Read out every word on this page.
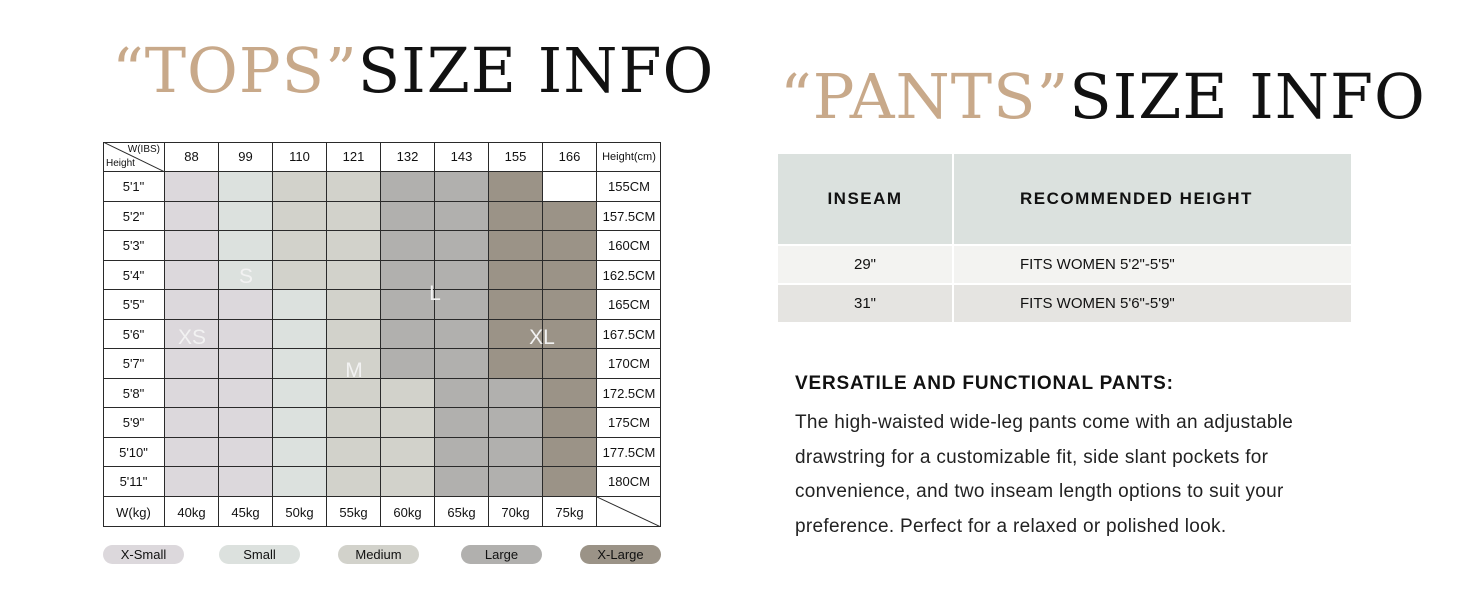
“TOPS”SIZE INFO
W(IBS)
Height	88	99	110	121	132	143	155	166	Height(cm)
5'1"	155CM
5'2"	157.5CM
5'3"	160CM
5'4"	162.5CM
5'5"	165CM
5'6"	167.5CM
5'7"	170CM
5'8"	172.5CM
5'9"	175CM
5'10"	177.5CM
5'11"	180CM
W(kg)	40kg	45kg	50kg	55kg	60kg	65kg	70kg	75kg
XS
S
M
L
XL
X-Small	Small	Medium	Large	X-Large
“PANTS”SIZE INFO
INSEAM	RECOMMENDED HEIGHT
29"	FITS WOMEN 5'2"-5'5"
31"	FITS WOMEN 5'6"-5'9"
VERSATILE AND FUNCTIONAL PANTS:
The high-waisted wide-leg pants come with an adjustable drawstring for a customizable fit, side slant pockets for convenience, and two inseam length options to suit your preference. Perfect for a relaxed or polished look.
